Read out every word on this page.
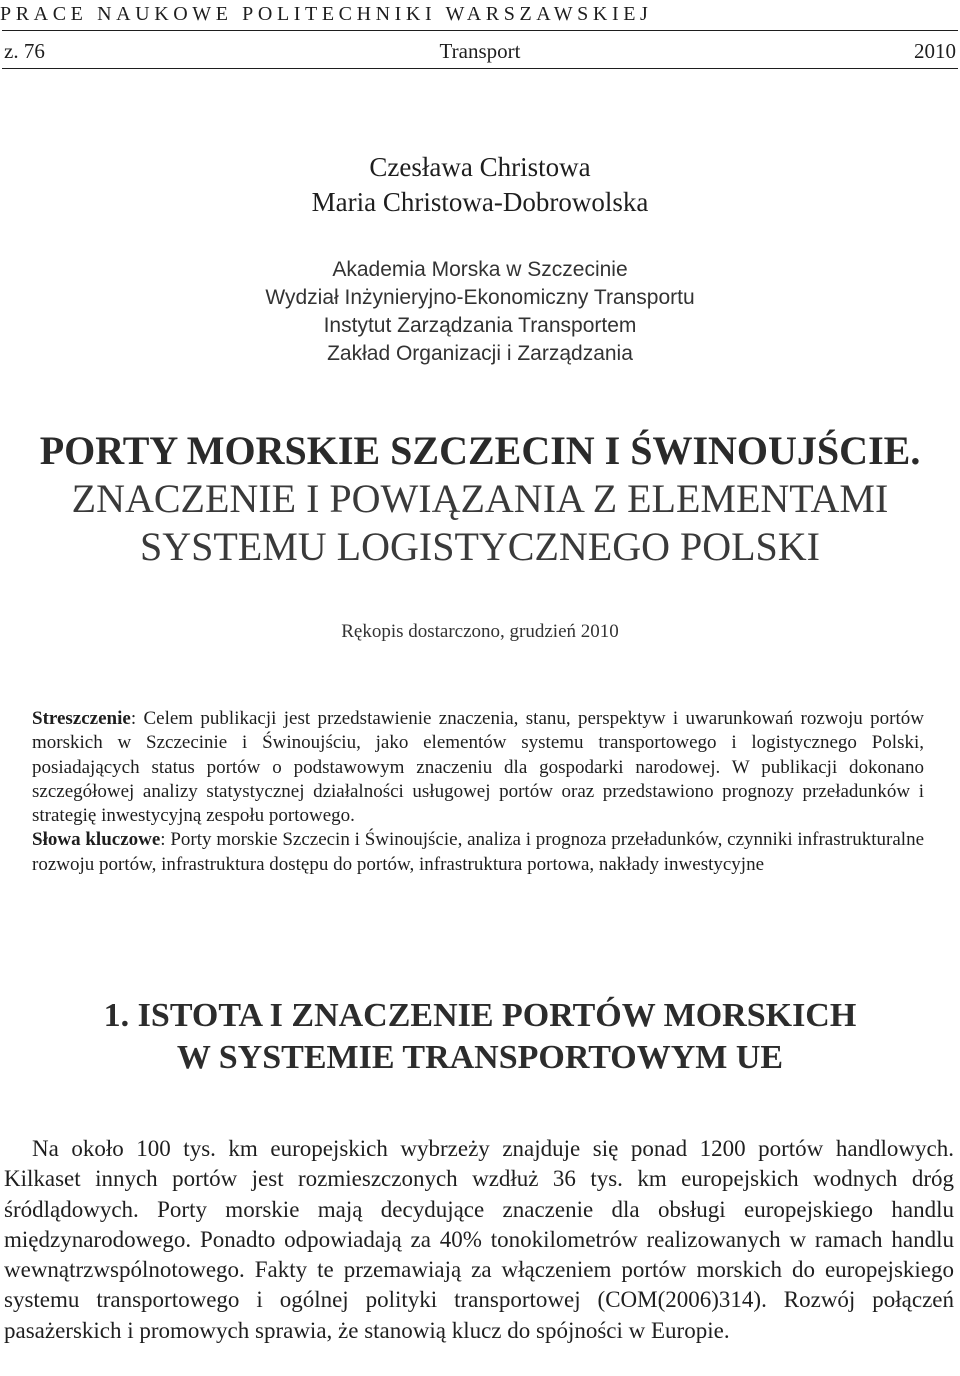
PRACE NAUKOWE POLITECHNIKI WARSZAWSKIEJ
z. 76	Transport	2010
Czesława Christowa
Maria Christowa-Dobrowolska
Akademia Morska w Szczecinie
Wydział Inżynieryjno-Ekonomiczny Transportu
Instytut Zarządzania Transportem
Zakład Organizacji i Zarządzania
PORTY MORSKIE SZCZECIN I ŚWINOUJŚCIE.
ZNACZENIE I POWIĄZANIA Z ELEMENTAMI
SYSTEMU LOGISTYCZNEGO POLSKI
Rękopis dostarczono, grudzień 2010

Streszczenie: Celem publikacji jest przedstawienie znaczenia, stanu, perspektyw i uwarunkowań rozwoju portów morskich w Szczecinie i Świnoujściu, jako elementów systemu transportowego i logistycznego Polski, posiadających status portów o podstawowym znaczeniu dla gospodarki narodowej. W publikacji dokonano szczegółowej analizy statystycznej działalności usługowej portów oraz przedstawiono prognozy przeładunków i strategię inwestycyjną zespołu portowego.

Słowa kluczowe: Porty morskie Szczecin i Świnoujście, analiza i prognoza przeładunków, czynniki infrastrukturalne rozwoju portów, infrastruktura dostępu do portów, infrastruktura portowa, nakłady inwestycyjne

1. ISTOTA I ZNACZENIE PORTÓW MORSKICH
W SYSTEMIE TRANSPORTOWYM UE
Na około 100 tys. km europejskich wybrzeży znajduje się ponad 1200 portów handlowych. Kilkaset innych portów jest rozmieszczonych wzdłuż 36 tys. km europejskich wodnych dróg śródlądowych. Porty morskie mają decydujące znaczenie dla obsługi europejskiego handlu międzynarodowego. Ponadto odpowiadają za 40% tonokilometrów realizowanych w ramach handlu wewnątrzwspólnotowego. Fakty te przemawiają za włączeniem portów morskich do europejskiego systemu transportowego i ogólnej polityki transportowej (COM(2006)314). Rozwój połączeń pasażerskich i promowych sprawia, że stanowią klucz do spójności w Europie.
